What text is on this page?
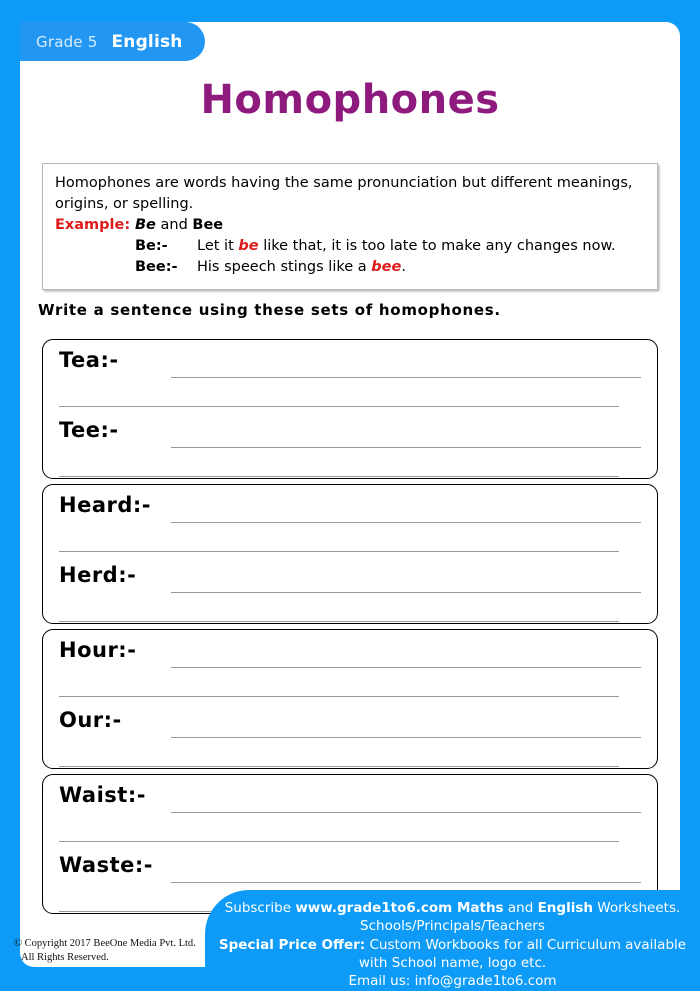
Homophones
Homophones are words having the same pronunciation but different meanings, origins, or spelling.
Example: Be and Bee
Be:-	Let it be like that, it is too late to make any changes now.
Bee:-	His speech stings like a bee.
Write a sentence using these sets of homophones.
Tea:-
Tee:-
Heard:-
Herd:-
Hour:-
Our:-
Waist:-
Waste:-
Grade 5 English
© Copyright 2017 BeeOne Media Pvt. Ltd.
All Rights Reserved.
Subscribe www.grade1to6.com Maths and English Worksheets.
Schools/Principals/Teachers
Special Price Offer: Custom Workbooks for all Curriculum available
with School name, logo etc.
Email us: info@grade1to6.com
